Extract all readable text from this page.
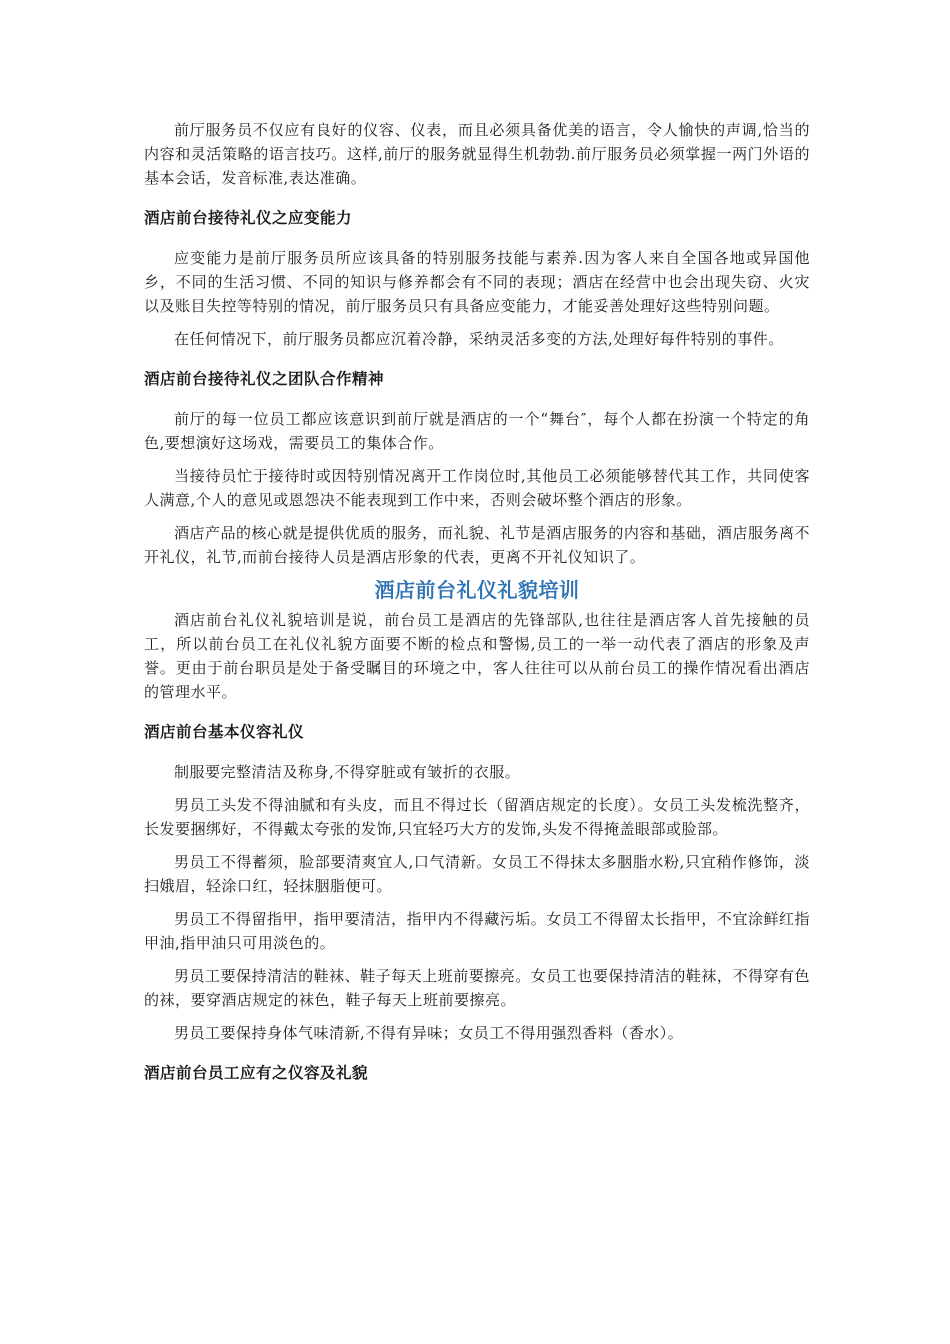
前厅服务员不仅应有良好的仪容、仪表，而且必须具备优美的语言，令人愉快的声调,恰当的内容和灵活策略的语言技巧。这样,前厅的服务就显得生机勃勃.前厅服务员必须掌握一两门外语的基本会话，发音标准,表达准确。

酒店前台接待礼仪之应变能力

应变能力是前厅服务员所应该具备的特别服务技能与素养.因为客人来自全国各地或异国他乡，不同的生活习惯、不同的知识与修养都会有不同的表现；酒店在经营中也会出现失窃、火灾以及账目失控等特别的情况，前厅服务员只有具备应变能力，才能妥善处理好这些特别问题。

在任何情况下，前厅服务员都应沉着冷静，采纳灵活多变的方法,处理好每件特别的事件。

酒店前台接待礼仪之团队合作精神

前厅的每一位员工都应该意识到前厅就是酒店的一个“舞台″，每个人都在扮演一个特定的角色,要想演好这场戏，需要员工的集体合作。

当接待员忙于接待时或因特别情况离开工作岗位时,其他员工必须能够替代其工作，共同使客人满意,个人的意见或恩怨决不能表现到工作中来，否则会破坏整个酒店的形象。

酒店产品的核心就是提供优质的服务，而礼貌、礼节是酒店服务的内容和基础，酒店服务离不开礼仪，礼节,而前台接待人员是酒店形象的代表，更离不开礼仪知识了。

酒店前台礼仪礼貌培训

酒店前台礼仪礼貌培训是说，前台员工是酒店的先锋部队,也往往是酒店客人首先接触的员工，所以前台员工在礼仪礼貌方面要不断的检点和警惕,员工的一举一动代表了酒店的形象及声誉。更由于前台职员是处于备受瞩目的环境之中，客人往往可以从前台员工的操作情况看出酒店的管理水平。

酒店前台基本仪容礼仪

制服要完整清洁及称身,不得穿脏或有皱折的衣服。

男员工头发不得油腻和有头皮，而且不得过长（留酒店规定的长度）。女员工头发梳洗整齐，长发要捆绑好，不得戴太夸张的发饰,只宜轻巧大方的发饰,头发不得掩盖眼部或脸部。

男员工不得蓄须，脸部要清爽宜人,口气清新。女员工不得抹太多胭脂水粉,只宜稍作修饰，淡扫娥眉，轻涂口红，轻抹胭脂便可。

男员工不得留指甲，指甲要清洁，指甲内不得藏污垢。女员工不得留太长指甲，不宜涂鲜红指甲油,指甲油只可用淡色的。

男员工要保持清洁的鞋袜、鞋子每天上班前要擦亮。女员工也要保持清洁的鞋袜，不得穿有色的袜，要穿酒店规定的袜色，鞋子每天上班前要擦亮。

男员工要保持身体气味清新,不得有异味；女员工不得用强烈香料（香水）。

酒店前台员工应有之仪容及礼貌
